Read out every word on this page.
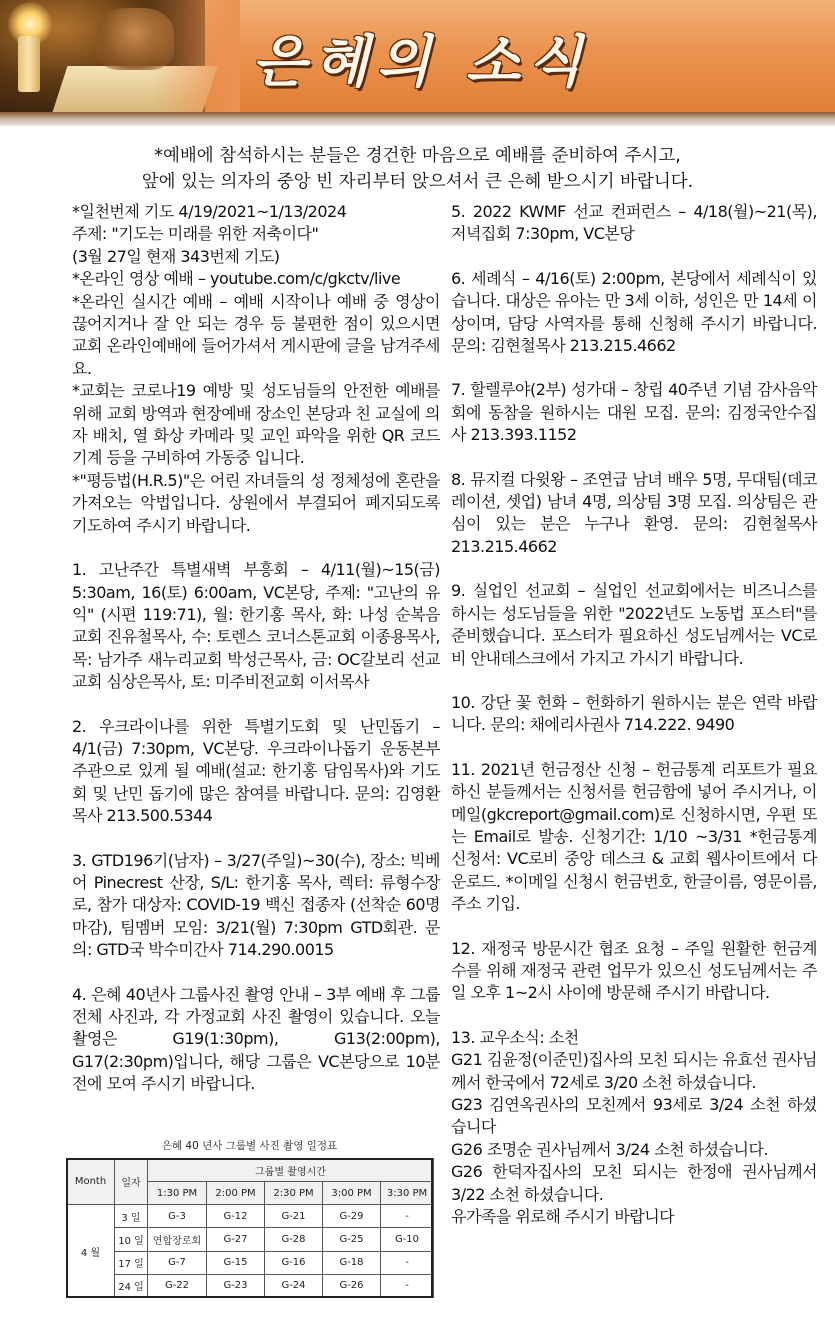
은혜의 소식
*예배에 참석하시는 분들은 경건한 마음으로 예배를 준비하여 주시고,
앞에 있는 의자의 중앙 빈 자리부터 앉으셔서 큰 은혜 받으시기 바랍니다.

*일천번제 기도 4/19/2021~1/13/2024

주제: "기도는 미래를 위한 저축이다"

(3월 27일 현재 343번제 기도)

*온라인 영상 예배 – youtube.com/c/gkctv/live

*온라인 실시간 예배 – 예배 시작이나 예배 중 영상이 끊어지거나 잘 안 되는 경우 등 불편한 점이 있으시면 교회 온라인예배에 들어가셔서 게시판에 글을 남겨주세요.

*교회는 코로나19 예방 및 성도님들의 안전한 예배를 위해 교회 방역과 현장예배 장소인 본당과 친 교실에 의자 배치, 열 화상 카메라 및 교인 파악을 위한 QR 코드 기계 등을 구비하여 가동중 입니다.

*"평등법(H.R.5)"은 어린 자녀들의 성 정체성에 혼란을 가져오는 악법입니다. 상원에서 부결되어 폐지되도록 기도하여 주시기 바랍니다.

1. 고난주간 특별새벽 부흥회 – 4/11(월)~15(금) 5:30am, 16(토) 6:00am, VC본당, 주제: "고난의 유익" (시편 119:71), 월: 한기홍 목사, 화: 나성 순복음 교회 진유철목사, 수: 토렌스 코너스톤교회 이종용목사, 목: 남가주 새누리교회 박성근목사, 금: OC갈보리 선교교회 심상은목사, 토: 미주비전교회 이서목사

2. 우크라이나를 위한 특별기도회 및 난민돕기 – 4/1(금) 7:30pm, VC본당. 우크라이나돕기 운동본부 주관으로 있게 될 예배(설교: 한기홍 담임목사)와 기도회 및 난민 돕기에 많은 참여를 바랍니다. 문의: 김영환목사 213.500.5344

3. GTD196기(남자) – 3/27(주일)~30(수), 장소: 빅베어 Pinecrest 산장, S/L: 한기홍 목사, 렉터: 류형수장로, 참가 대상자: COVID-19 백신 접종자 (선착순 60명 마감), 팀멤버 모임: 3/21(월) 7:30pm GTD회관. 문의: GTD국 박수미간사 714.290.0015

4. 은혜 40년사 그룹사진 촬영 안내 – 3부 예배 후 그룹전체 사진과, 각 가정교회 사진 촬영이 있습니다. 오늘 촬영은 G19(1:30pm), G13(2:00pm), G17(2:30pm)입니다, 해당 그룹은 VC본당으로 10분전에 모여 주시기 바랍니다.

은혜 40 년사 그룹별 사진 촬영 일정표
Month	일자	그룹별 촬영시간				
		1:30 PM	2:00 PM	2:30 PM	3:00 PM	3:30 PM
4 월	3 일	G-3	G-12	G-21	G-29	-
	10 일	연합장로회	G-27	G-28	G-25	G-10
	17 일	G-7	G-15	G-16	G-18	-
	24 일	G-22	G-23	G-24	G-26	-

5. 2022 KWMF 선교 컨퍼런스 – 4/18(월)~21(목), 저녁집회 7:30pm, VC본당

6. 세례식 – 4/16(토) 2:00pm, 본당에서 세례식이 있습니다. 대상은 유아는 만 3세 이하, 성인은 만 14세 이상이며, 담당 사역자를 통해 신청해 주시기 바랍니다. 문의: 김현철목사 213.215.4662

7. 할렐루야(2부) 성가대 – 창립 40주년 기념 감사음악회에 동참을 원하시는 대원 모집. 문의: 김정국안수집사 213.393.1152

8. 뮤지컬 다윗왕 – 조연급 남녀 배우 5명, 무대팀(데코레이션, 셋업) 남녀 4명, 의상팀 3명 모집. 의상팀은 관심이 있는 분은 누구나 환영. 문의: 김현철목사 213.215.4662

9. 실업인 선교회 – 실업인 선교회에서는 비즈니스를 하시는 성도님들을 위한 "2022년도 노동법 포스터"를 준비했습니다. 포스터가 필요하신 성도님께서는 VC로비 안내데스크에서 가지고 가시기 바랍니다.

10. 강단 꽃 헌화 – 헌화하기 원하시는 분은 연락 바랍니다. 문의: 채에리사권사 714.222. 9490

11. 2021년 헌금정산 신청 – 헌금통계 리포트가 필요하신 분들께서는 신청서를 헌금함에 넣어 주시거나, 이메일(gkcreport@gmail.com)로 신청하시면, 우편 또는 Email로 발송. 신청기간: 1/10 ~3/31 *헌금통계 신청서: VC로비 중앙 데스크 & 교회 웹사이트에서 다운로드. *이메일 신청시 헌금번호, 한글이름, 영문이름, 주소 기입.

12. 재정국 방문시간 협조 요청 – 주일 원활한 헌금계수를 위해 재정국 관련 업무가 있으신 성도님께서는 주일 오후 1~2시 사이에 방문해 주시기 바랍니다.

13. 교우소식: 소천

G21 김윤정(이준민)집사의 모친 되시는 유효선 권사님께서 한국에서 72세로 3/20 소천 하셨습니다.

G23 김연옥권사의 모친께서 93세로 3/24 소천 하셨습니다

G26 조명순 권사님께서 3/24 소천 하셨습니다.

G26 한덕자집사의 모친 되시는 한정애 권사님께서 3/22 소천 하셨습니다.

유가족을 위로해 주시기 바랍니다
